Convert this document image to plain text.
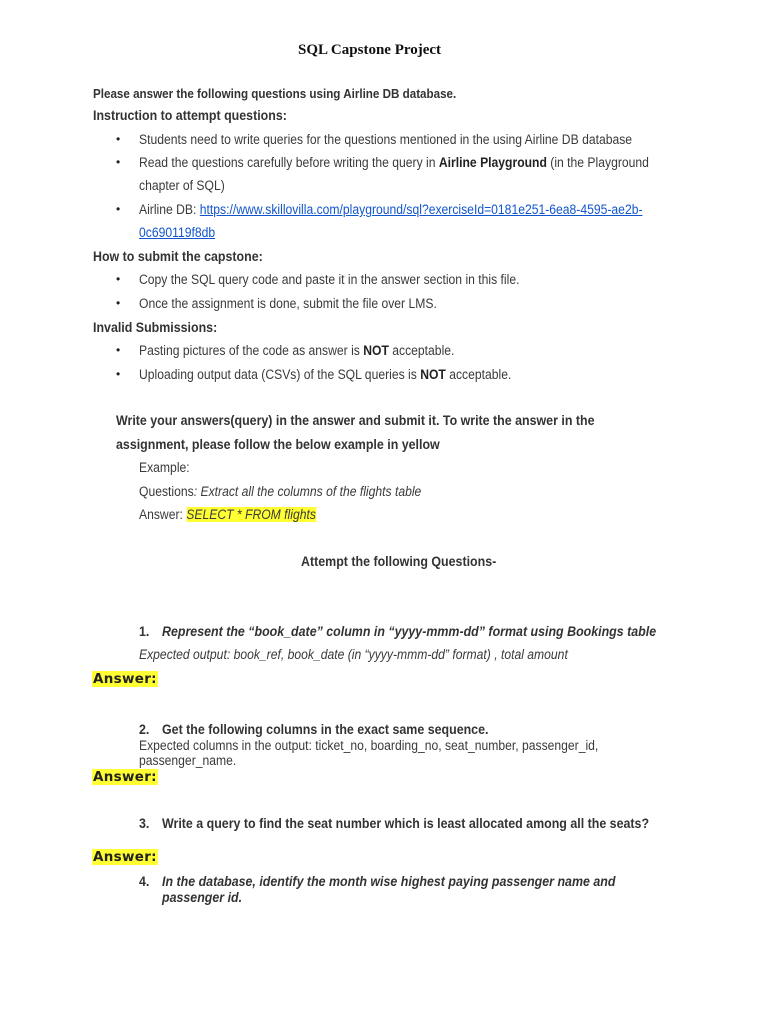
SQL Capstone Project
Please answer the following questions using Airline DB database.
Instruction to attempt questions:
• Students need to write queries for the questions mentioned in the using Airline DB database
• Read the questions carefully before writing the query in Airline Playground (in the Playground
chapter of SQL)
• Airline DB: https://www.skillovilla.com/playground/sql?exerciseId=0181e251-6ea8-4595-ae2b-
0c690119f8db
How to submit the capstone:
• Copy the SQL query code and paste it in the answer section in this file.
• Once the assignment is done, submit the file over LMS.
Invalid Submissions:
• Pasting pictures of the code as answer is NOT acceptable.
• Uploading output data (CSVs) of the SQL queries is NOT acceptable.
Write your answers(query) in the answer and submit it. To write the answer in the
assignment, please follow the below example in yellow
Example:
Questions: Extract all the columns of the flights table
Answer: SELECT * FROM flights
Attempt the following Questions-
1. Represent the “book_date” column in “yyyy-mmm-dd” format using Bookings table
Expected output: book_ref, book_date (in “yyyy-mmm-dd” format) , total amount
Answer:
2. Get the following columns in the exact same sequence.
Expected columns in the output: ticket_no, boarding_no, seat_number, passenger_id,
passenger_name.
Answer:
3. Write a query to find the seat number which is least allocated among all the seats?
Answer:
4. In the database, identify the month wise highest paying passenger name and
passenger id.
